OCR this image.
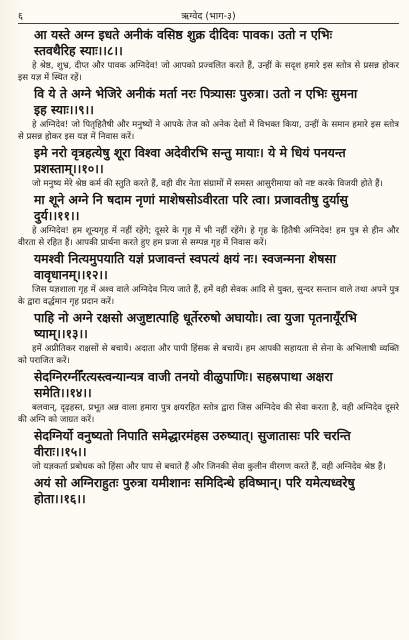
६	ऋग्वेद (भाग-३)
आ यस्ते अग्न इधते अनीकं वसिष्ठ शुक्र दीदिवः पावक। उतो न एभिः
स्तवथैरिह स्याः।।८।।
हे श्रेष्ठ, शुभ्र, दीप्त और पावक अग्निदेव! जो आपको प्रज्वलित करते हैं, उन्हीं के सदृश हमारे इस स्तोत्र से प्रसन्न होकर इस यज्ञ में स्थित रहें।
वि ये ते अग्ने भेजिरे अनीकं मर्ता नरः पित्र्यासः पुरुत्रा। उतो न एभिः सुमना
इह स्याः।।९।।
हे अग्निदेव! जो पितृहितैषी और मनुष्यों ने आपके तेज को अनेक देशों में विभक्त किया, उन्हीं के समान हमारे इस स्तोत्र से प्रसन्न होकर इस यज्ञ में निवास करें।
इमे नरो वृत्रहत्येषु शूरा विश्वा अदेवीरभि सन्तु मायाः। ये मे धियं पनयन्त
प्रशस्ताम्।।१०।।
जो मनुष्य मेरे श्रेष्ठ कर्म की स्तुति करते हैं, वही वीर नेता संग्रामों में समस्त आसुरीमाया को नष्ट करके विजयी होते हैं।
मा शूने अग्ने नि षदाम नृणां माशेषसोऽवीरता परि त्वा। प्रजावतीषु दुर्यासु
दुर्य।।११।।
हे अग्निदेव! हम शून्यगृह में नहीं रहेंगे; दूसरे के गृह में भी नहीं रहेंगे। हे गृह के हितैषी अग्निदेव! हम पुत्र से हीन और वीरता से रहित हैं। आपकी प्रार्थना करते हुए हम प्रजा से सम्पन्न गृह में निवास करें।
यमश्वी नित्यमुपयाति यज्ञं प्रजावन्तं स्वपत्यं क्षयं नः। स्वजन्मना शेषसा
वावृधानम्।।१२।।
जिस यज्ञशाला गृह में अश्व वाले अग्निदेव नित्य जाते हैं, हमें वही सेवक आदि से युक्त, सुन्दर सन्तान वाले तथा अपने पुत्र के द्वारा वर्द्धमान गृह प्रदान करें।
पाहि नो अग्ने रक्षसो अजुष्टात्पाहि धूर्तेररुषो अघायोः। त्वा युजा पृतनायूँरभि
ष्याम्।।१३।।
हमें अप्रीतिकर राक्षसों से बचायें। अदाता और पापी हिंसक से बचायें। हम आपकी सहायता से सेना के अभिलाषी व्यक्ति को पराजित करें।
सेदग्निरग्नीँरत्यस्त्वन्यान्यत्र वाजी तनयो वीळुपाणिः। सहस्रपाथा अक्षरा
समेति।।१४।।
बलवान्, दृढ़हस्त, प्रभूत अन्न वाला हमारा पुत्र क्षयरहित स्तोत्र द्वारा जिस अग्निदेव की सेवा करता है, वही अग्निदेव दूसरे की अग्नि को जाग्रत करें।
सेदग्निर्यो वनुष्यतो निपाति समेद्धारमंहस उरुष्यात्। सुजातासः परि चरन्ति
वीराः।।१५।।
जो यज्ञकर्ता प्रबोधक को हिंसा और पाप से बचाते हैं और जिनकी सेवा कुलीन वीरगण करते हैं, वही अग्निदेव श्रेष्ठ हैं।
अयं सो अग्निराहुतः पुरुत्रा यमीशानः समिदिन्धे हविष्मान्। परि यमेत्यध्वरेषु
होता।।१६।।
